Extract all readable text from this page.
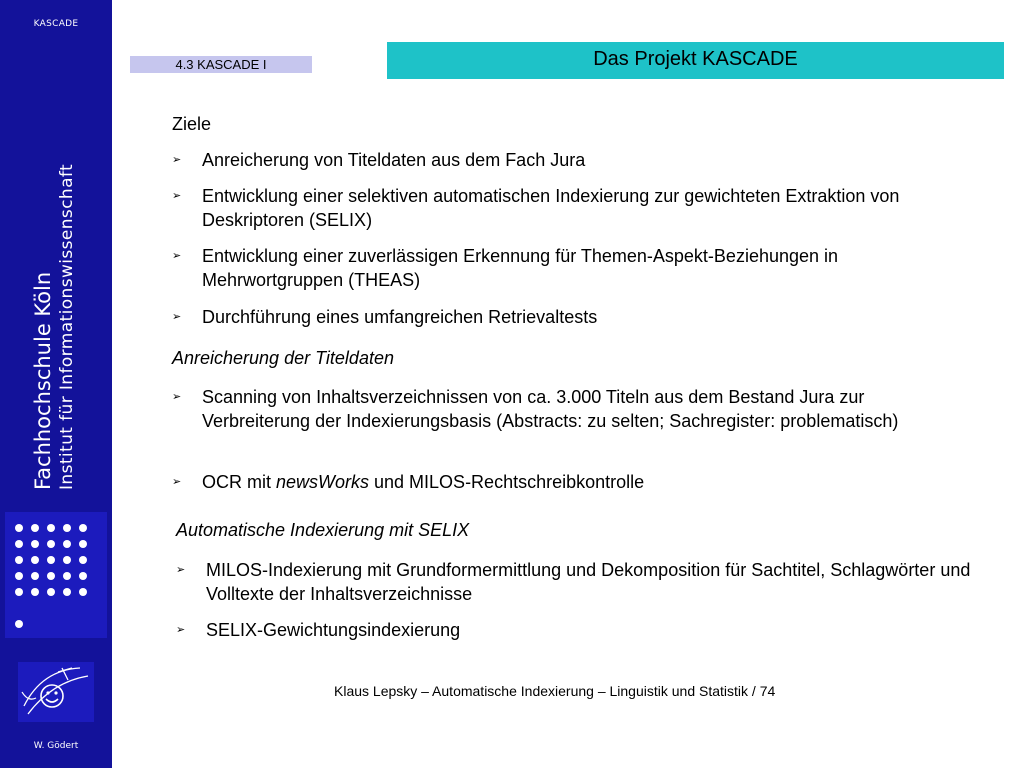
KASCADE
Fachhochschule Köln Institut für Informationswissenschaft
W. Gödert
4.3 KASCADE I	Das Projekt KASCADE
Ziele
➢ Anreicherung von Titeldaten aus dem Fach Jura
➢ Entwicklung einer selektiven automatischen Indexierung zur gewichteten Extraktion von Deskriptoren (SELIX)
➢ Entwicklung einer zuverlässigen Erkennung für Themen-Aspekt-Beziehungen in Mehrwortgruppen (THEAS)
➢ Durchführung eines umfangreichen Retrievaltests
Anreicherung der Titeldaten
➢ Scanning von Inhaltsverzeichnissen von ca. 3.000 Titeln aus dem Bestand Jura zur Verbreiterung der Indexierungsbasis (Abstracts: zu selten; Sachregister: problematisch)
➢ OCR mit newsWorks und MILOS-Rechtschreibkontrolle
Automatische Indexierung mit SELIX
➢ MILOS-Indexierung mit Grundformermittlung und Dekomposition für Sachtitel, Schlagwörter und Volltexte der Inhaltsverzeichnisse
➢ SELIX-Gewichtungsindexierung
Klaus Lepsky – Automatische Indexierung – Linguistik und Statistik / 74
